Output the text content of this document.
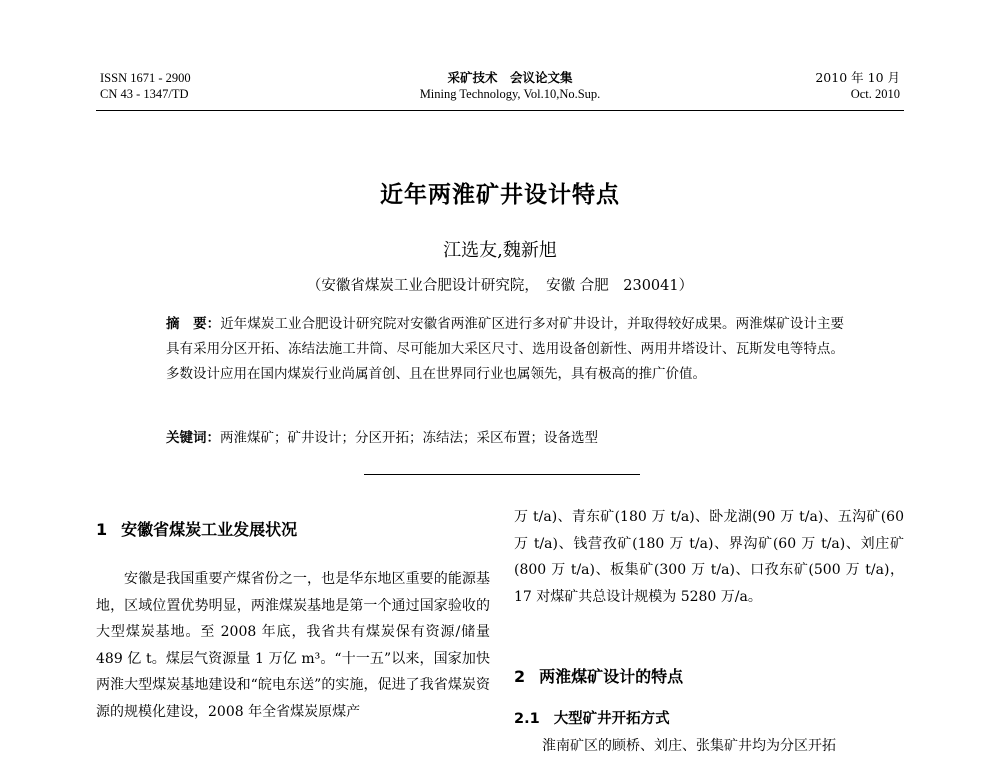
ISSN 1671 - 2900
CN 43 - 1347/TD
采矿技术　会议论文集
Mining Technology, Vol.10,No.Sup.
2010 年 10 月
Oct. 2010
近年两淮矿井设计特点
江选友,魏新旭
（安徽省煤炭工业合肥设计研究院，　安徽 合肥　230041）
摘　要：近年煤炭工业合肥设计研究院对安徽省两淮矿区进行多对矿井设计，并取得较好成果。两淮煤矿设计主要具有采用分区开拓、冻结法施工井筒、尽可能加大采区尺寸、选用设备创新性、两用井塔设计、瓦斯发电等特点。多数设计应用在国内煤炭行业尚属首创、且在世界同行业也属领先，具有极高的推广价值。
关键词：两淮煤矿；矿井设计；分区开拓；冻结法；采区布置；设备选型
1 安徽省煤炭工业发展状况

安徽是我国重要产煤省份之一，也是华东地区重要的能源基地，区域位置优势明显，两淮煤炭基地是第一个通过国家验收的大型煤炭基地。至 2008 年底，我省共有煤炭保有资源/储量 489 亿 t。煤层气资源量 1 万亿 m³。“十一五”以来，国家加快两淮大型煤炭基地建设和“皖电东送”的实施，促进了我省煤炭资源的规模化建设，2008 年全省煤炭原煤产

万 t/a)、青东矿(180 万 t/a)、卧龙湖(90 万 t/a)、五沟矿(60 万 t/a)、钱营孜矿(180 万 t/a)、界沟矿(60 万 t/a)、刘庄矿(800 万 t/a)、板集矿(300 万 t/a)、口孜东矿(500 万 t/a)，17 对煤矿共总设计规模为 5280 万/a。

2 两淮煤矿设计的特点
2.1 大型矿井开拓方式

淮南矿区的顾桥、刘庄、张集矿井均为分区开拓
